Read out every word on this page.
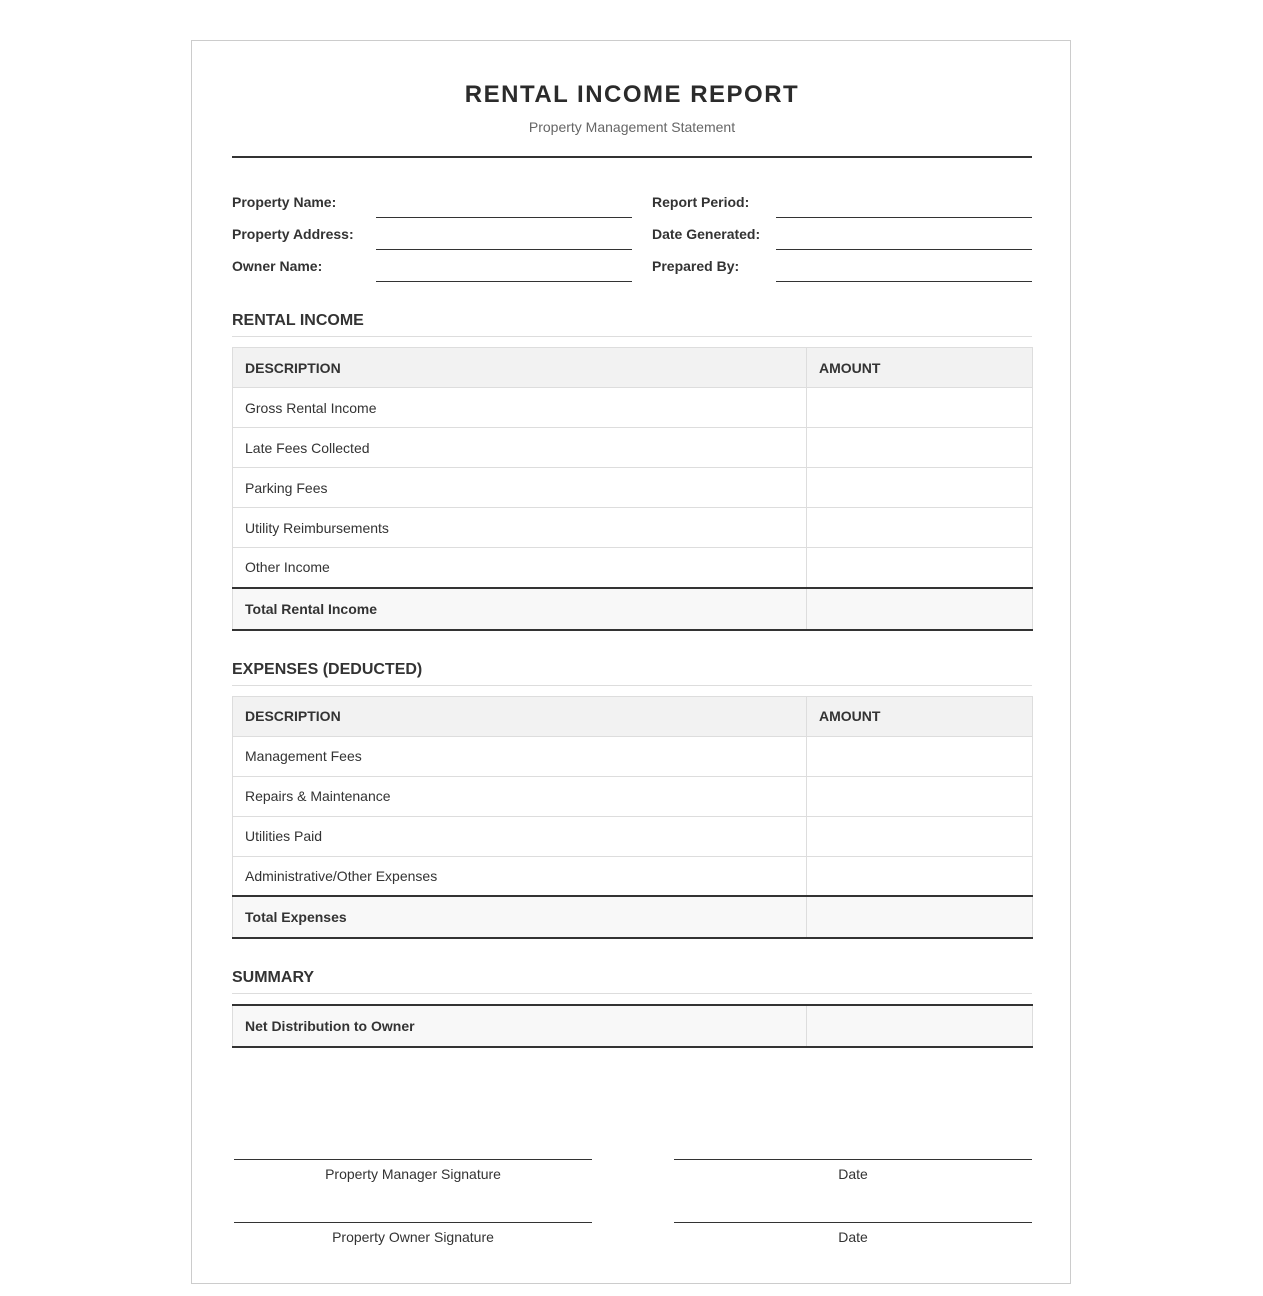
RENTAL INCOME REPORT
Property Management Statement
Property Name:	Report Period:
Property Address:	Date Generated:
Owner Name:	Prepared By:
RENTAL INCOME
DESCRIPTION	AMOUNT
Gross Rental Income	
Late Fees Collected	
Parking Fees	
Utility Reimbursements	
Other Income	
Total Rental Income	
EXPENSES (DEDUCTED)
DESCRIPTION	AMOUNT
Management Fees	
Repairs & Maintenance	
Utilities Paid	
Administrative/Other Expenses	
Total Expenses	
SUMMARY
Net Distribution to Owner	
Property Manager Signature	Date
Property Owner Signature	Date
